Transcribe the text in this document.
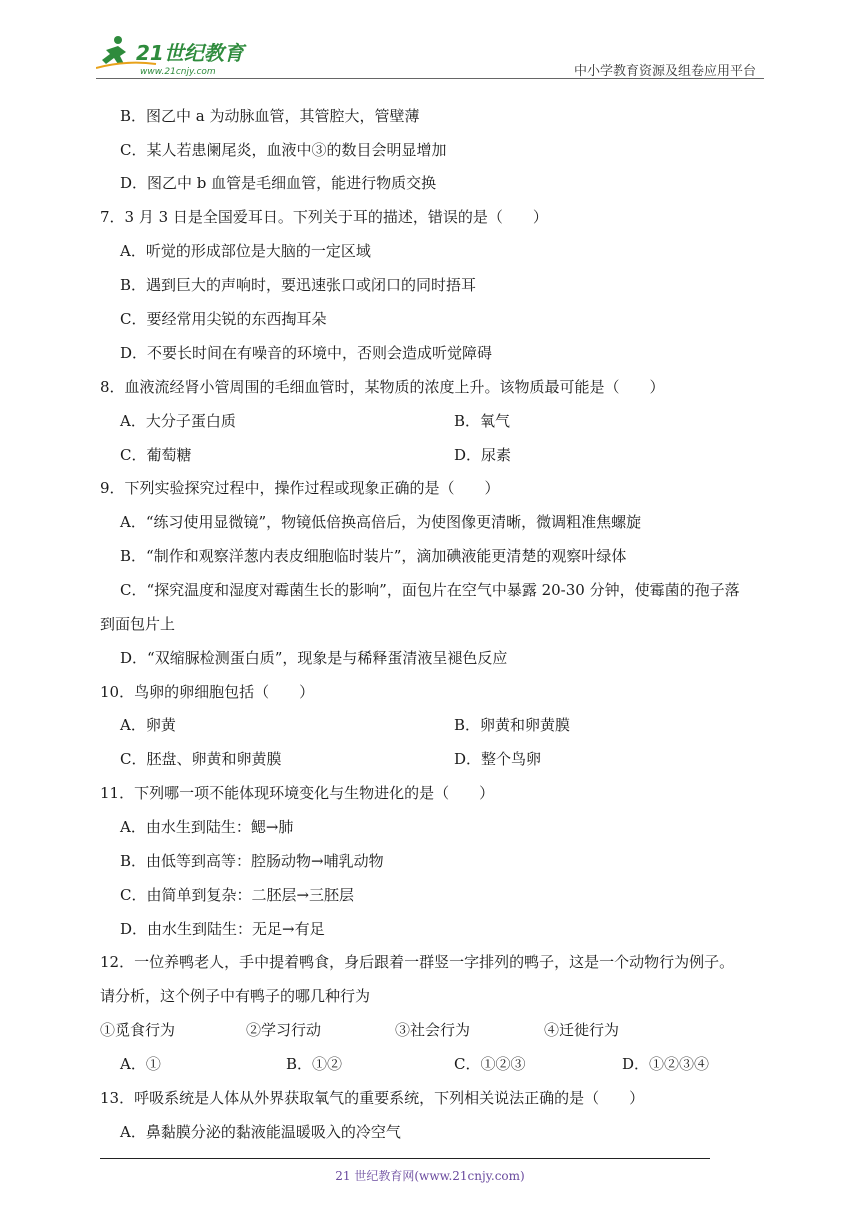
21世纪教育
www.21cnjy.com	中小学教育资源及组卷应用平台
B．图乙中 a 为动脉血管，其管腔大，管壁薄
C．某人若患阑尾炎，血液中③的数目会明显增加
D．图乙中 b 血管是毛细血管，能进行物质交换
7．3 月 3 日是全国爱耳日。下列关于耳的描述，错误的是（　　）
A．听觉的形成部位是大脑的一定区域
B．遇到巨大的声响时，要迅速张口或闭口的同时捂耳
C．要经常用尖锐的东西掏耳朵
D．不要长时间在有噪音的环境中，否则会造成听觉障碍
8．血液流经肾小管周围的毛细血管时，某物质的浓度上升。该物质最可能是（　　）
A．大分子蛋白质	B．氧气
C．葡萄糖	D．尿素
9．下列实验探究过程中，操作过程或现象正确的是（　　）
A．“练习使用显微镜”，物镜低倍换高倍后，为使图像更清晰，微调粗准焦螺旋
B．“制作和观察洋葱内表皮细胞临时装片”，滴加碘液能更清楚的观察叶绿体
C．“探究温度和湿度对霉菌生长的影响”，面包片在空气中暴露 20-30 分钟，使霉菌的孢子落
到面包片上
D．“双缩脲检测蛋白质”，现象是与稀释蛋清液呈褪色反应
10．鸟卵的卵细胞包括（　　）
A．卵黄	B．卵黄和卵黄膜
C．胚盘、卵黄和卵黄膜	D．整个鸟卵
11．下列哪一项不能体现环境变化与生物进化的是（　　）
A．由水生到陆生：鳃→肺
B．由低等到高等：腔肠动物→哺乳动物
C．由简单到复杂：二胚层→三胚层
D．由水生到陆生：无足→有足
12．一位养鸭老人，手中提着鸭食，身后跟着一群竖一字排列的鸭子，这是一个动物行为例子。
请分析，这个例子中有鸭子的哪几种行为
①觅食行为	②学习行动	③社会行为	④迁徙行为
A．①	B．①②	C．①②③	D．①②③④
13．呼吸系统是人体从外界获取氧气的重要系统，下列相关说法正确的是（　　）
A．鼻黏膜分泌的黏液能温暖吸入的冷空气
21 世纪教育网(www.21cnjy.com)
